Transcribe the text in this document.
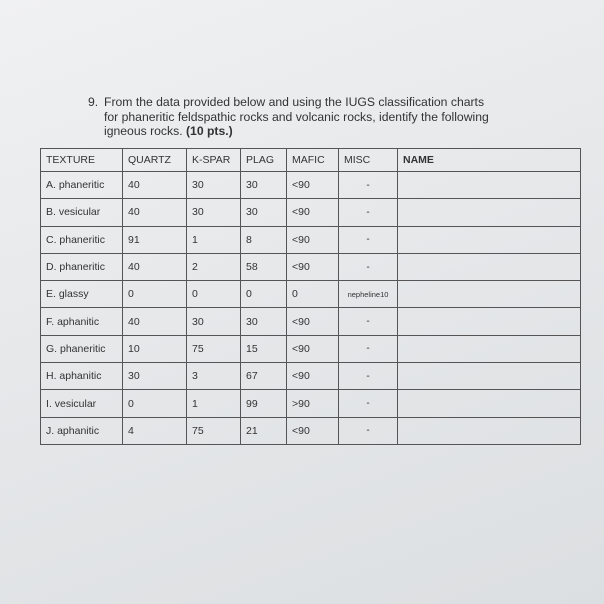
9. From the data provided below and using the IUGS classification charts
for phaneritic feldspathic rocks and volcanic rocks, identify the following
igneous rocks. (10 pts.)
TEXTURE	QUARTZ	K-SPAR	PLAG	MAFIC	MISC	NAME
A. phaneritic	40	30	30	<90	-	
B. vesicular	40	30	30	<90	-	
C. phaneritic	91	1	8	<90	-	
D. phaneritic	40	2	58	<90	-	
E. glassy	0	0	0	0	nepheline10	
F. aphanitic	40	30	30	<90	-	
G. phaneritic	10	75	15	<90	-	
H. aphanitic	30	3	67	<90	-	
I. vesicular	0	1	99	>90	-	
J. aphanitic	4	75	21	<90	-	
